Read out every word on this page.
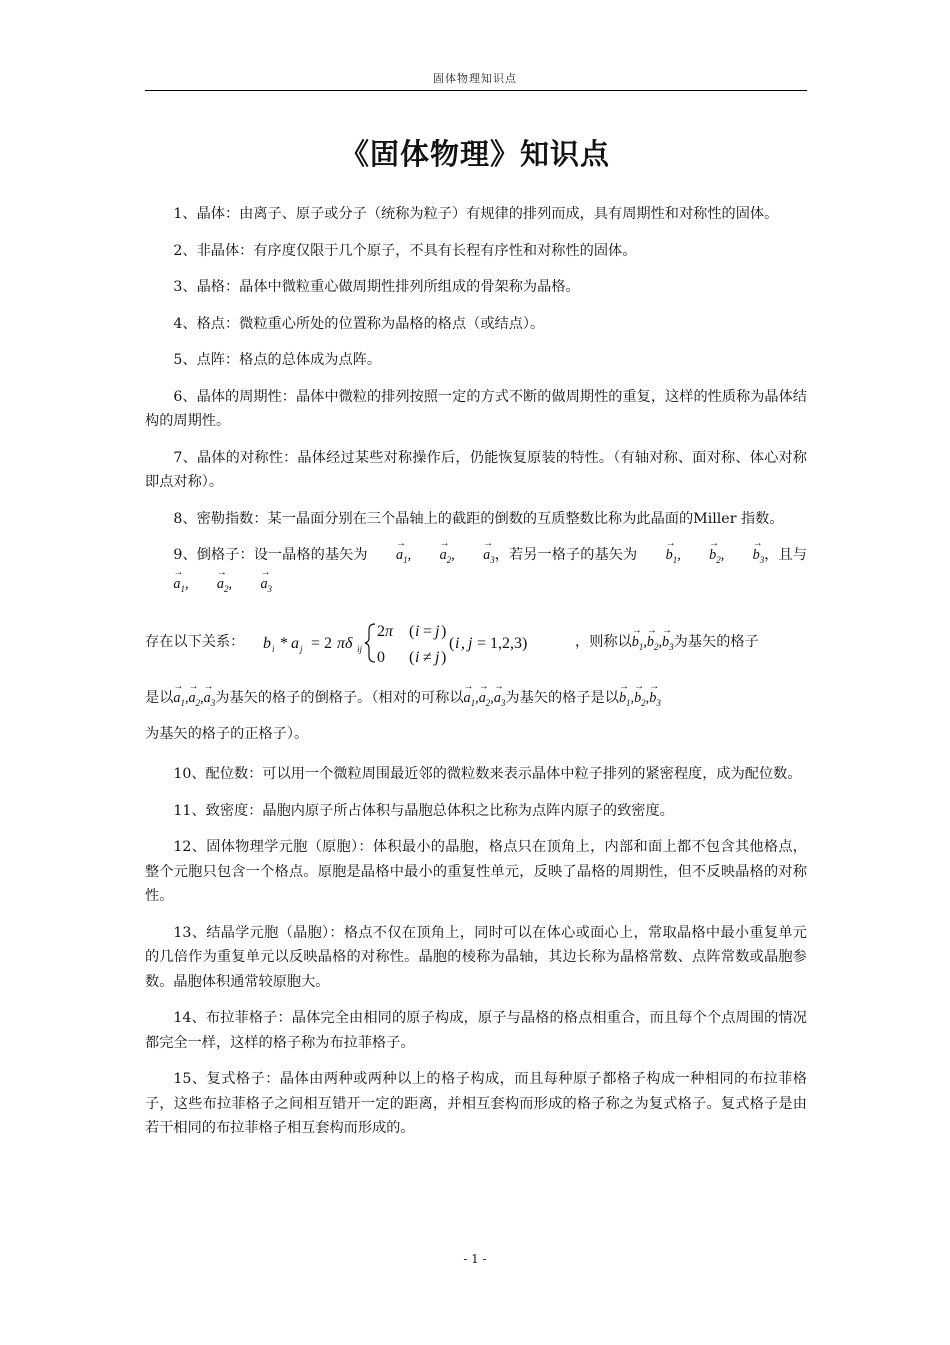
固体物理知识点
《固体物理》知识点

1、晶体：由离子、原子或分子（统称为粒子）有规律的排列而成，具有周期性和对称性的固体。

2、非晶体：有序度仅限于几个原子，不具有长程有序性和对称性的固体。

3、晶格：晶体中微粒重心做周期性排列所组成的骨架称为晶格。

4、格点：微粒重心所处的位置称为晶格的格点（或结点）。

5、点阵：格点的总体成为点阵。

6、晶体的周期性：晶体中微粒的排列按照一定的方式不断的做周期性的重复，这样的性质称为晶体结构的周期性。

7、晶体的对称性：晶体经过某些对称操作后，仍能恢复原装的特性。（有轴对称、面对称、体心对称即点对称）。

8、密勒指数：某一晶面分别在三个晶轴上的截距的倒数的互质整数比称为此晶面的Miller 指数。

9、倒格子：设一晶格的基矢为→ $a_1,\to a_2,\to a_3$，若另一格子的基矢为→ $b_1,\to b_2,\to b_3$，且与→ $a_1,\to a_2,\to a_3$

存在以下关系： b i * a j = 2 πδ ij
2 π ( i = j )
0 ( i ≠ j )
( i , j = 1,2,3)	，则称以→ $b_1,\to b_2,\to b_3$为基矢的格子

是以→ $a_1,\to a_2,\to a_3$为基矢的格子的倒格子。（相对的可称以→ $a_1,\to a_2,\to a_3$为基矢的格子是以→ $b_1,\to b_2,\to b_3$
为基矢的格子的正格子）。

10、配位数：可以用一个微粒周围最近邻的微粒数来表示晶体中粒子排列的紧密程度，成为配位数。

11、致密度：晶胞内原子所占体积与晶胞总体积之比称为点阵内原子的致密度。

12、固体物理学元胞（原胞）：体积最小的晶胞，格点只在顶角上，内部和面上都不包含其他格点，整个元胞只包含一个格点。原胞是晶格中最小的重复性单元，反映了晶格的周期性，但不反映晶格的对称性。

13、结晶学元胞（晶胞）：格点不仅在顶角上，同时可以在体心或面心上，常取晶格中最小重复单元的几倍作为重复单元以反映晶格的对称性。晶胞的棱称为晶轴，其边长称为晶格常数、点阵常数或晶胞参数。晶胞体积通常较原胞大。

14、布拉菲格子：晶体完全由相同的原子构成，原子与晶格的格点相重合，而且每个个点周围的情况都完全一样，这样的格子称为布拉菲格子。

15、复式格子：晶体由两种或两种以上的格子构成，而且每种原子都格子构成一种相同的布拉菲格子，这些布拉菲格子之间相互错开一定的距离，并相互套构而形成的格子称之为复式格子。复式格子是由若干相同的布拉菲格子相互套构而形成的。

- 1 -
